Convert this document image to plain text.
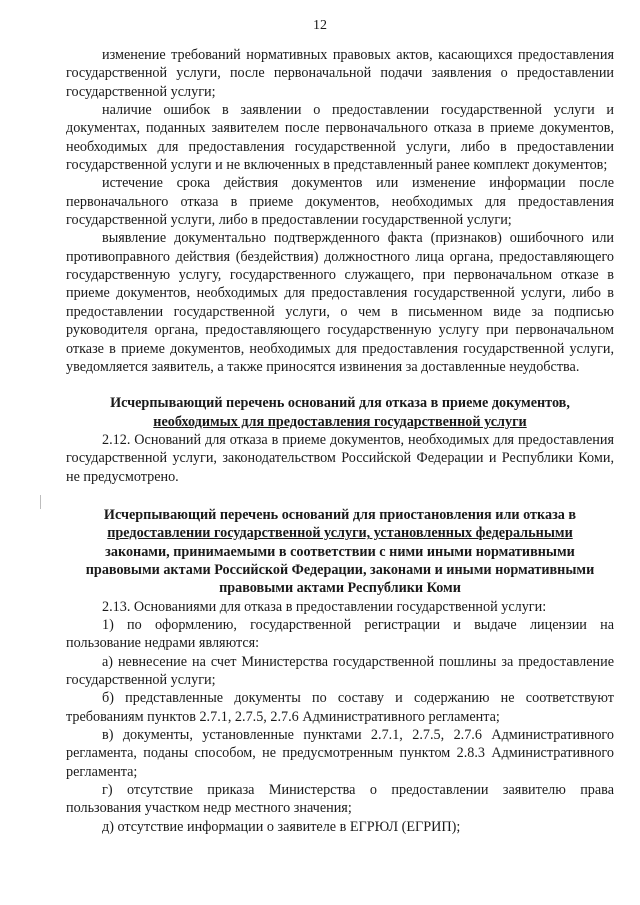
12

изменение требований нормативных правовых актов, касающихся предоставления государственной услуги, после первоначальной подачи заявления о предоставлении государственной услуги;

наличие ошибок в заявлении о предоставлении государственной услуги и документах, поданных заявителем после первоначального отказа в приеме документов, необходимых для предоставления государственной услуги, либо в предоставлении государственной услуги и не включенных в представленный ранее комплект документов;

истечение срока действия документов или изменение информации после первоначального отказа в приеме документов, необходимых для предоставления государственной услуги, либо в предоставлении государственной услуги;

выявление документально подтвержденного факта (признаков) ошибочного или противоправного действия (бездействия) должностного лица органа, предоставляющего государственную услугу, государственного служащего, при первоначальном отказе в приеме документов, необходимых для предоставления государственной услуги, либо в предоставлении государственной услуги, о чем в письменном виде за подписью руководителя органа, предоставляющего государственную услугу при первоначальном отказе в приеме документов, необходимых для предоставления государственной услуги, уведомляется заявитель, а также приносятся извинения за доставленные неудобства.

Исчерпывающий перечень оснований для отказа в приеме документов,
необходимых для предоставления государственной услуги

2.12. Оснований для отказа в приеме документов, необходимых для предоставления государственной услуги, законодательством Российской Федерации и Республики Коми, не предусмотрено.

Исчерпывающий перечень оснований для приостановления или отказа в
предоставлении государственной услуги, установленных федеральными
законами, принимаемыми в соответствии с ними иными нормативными
правовыми актами Российской Федерации, законами и иными нормативными
правовыми актами Республики Коми

2.13. Основаниями для отказа в предоставлении государственной услуги:

1) по оформлению, государственной регистрации и выдаче лицензии на пользование недрами являются:

а) невнесение на счет Министерства государственной пошлины за предоставление государственной услуги;

б) представленные документы по составу и содержанию не соответствуют требованиям пунктов 2.7.1, 2.7.5, 2.7.6 Административного регламента;

в) документы, установленные пунктами 2.7.1, 2.7.5, 2.7.6 Административного регламента, поданы способом, не предусмотренным пунктом 2.8.3 Административного регламента;

г) отсутствие приказа Министерства о предоставлении заявителю права пользования участком недр местного значения;

д) отсутствие информации о заявителе в ЕГРЮЛ (ЕГРИП);
